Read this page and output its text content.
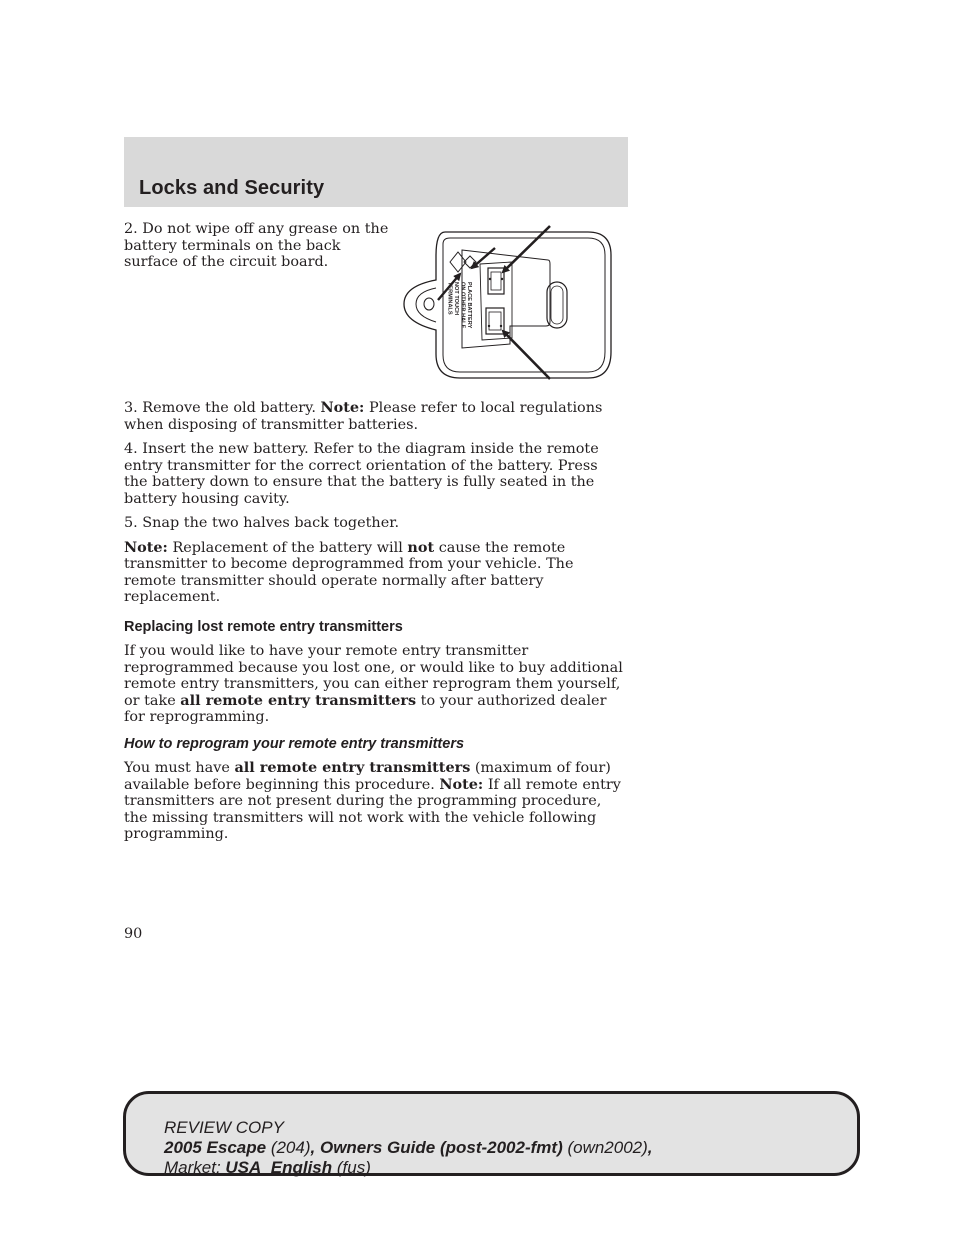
Locks and Security
2. Do not wipe off any grease on the battery terminals on the back surface of the circuit board.
PLACE BATTERY
ON OTHER HALF
NOT TOUCH
TERMINALS

3. Remove the old battery. Note: Please refer to local regulations when disposing of transmitter batteries.

4. Insert the new battery. Refer to the diagram inside the remote entry transmitter for the correct orientation of the battery. Press the battery down to ensure that the battery is fully seated in the battery housing cavity.

5. Snap the two halves back together.

Note: Replacement of the battery will not cause the remote transmitter to become deprogrammed from your vehicle. The remote transmitter should operate normally after battery replacement.

Replacing lost remote entry transmitters

If you would like to have your remote entry transmitter reprogrammed because you lost one, or would like to buy additional remote entry transmitters, you can either reprogram them yourself, or take all remote entry transmitters to your authorized dealer for reprogramming.

How to reprogram your remote entry transmitters

You must have all remote entry transmitters (maximum of four) available before beginning this procedure. Note: If all remote entry transmitters are not present during the programming procedure, the missing transmitters will not work with the vehicle following programming.

90
REVIEW COPY
2005 Escape (204), Owners Guide (post-2002-fmt) (own2002),
Market: USA_English (fus)
